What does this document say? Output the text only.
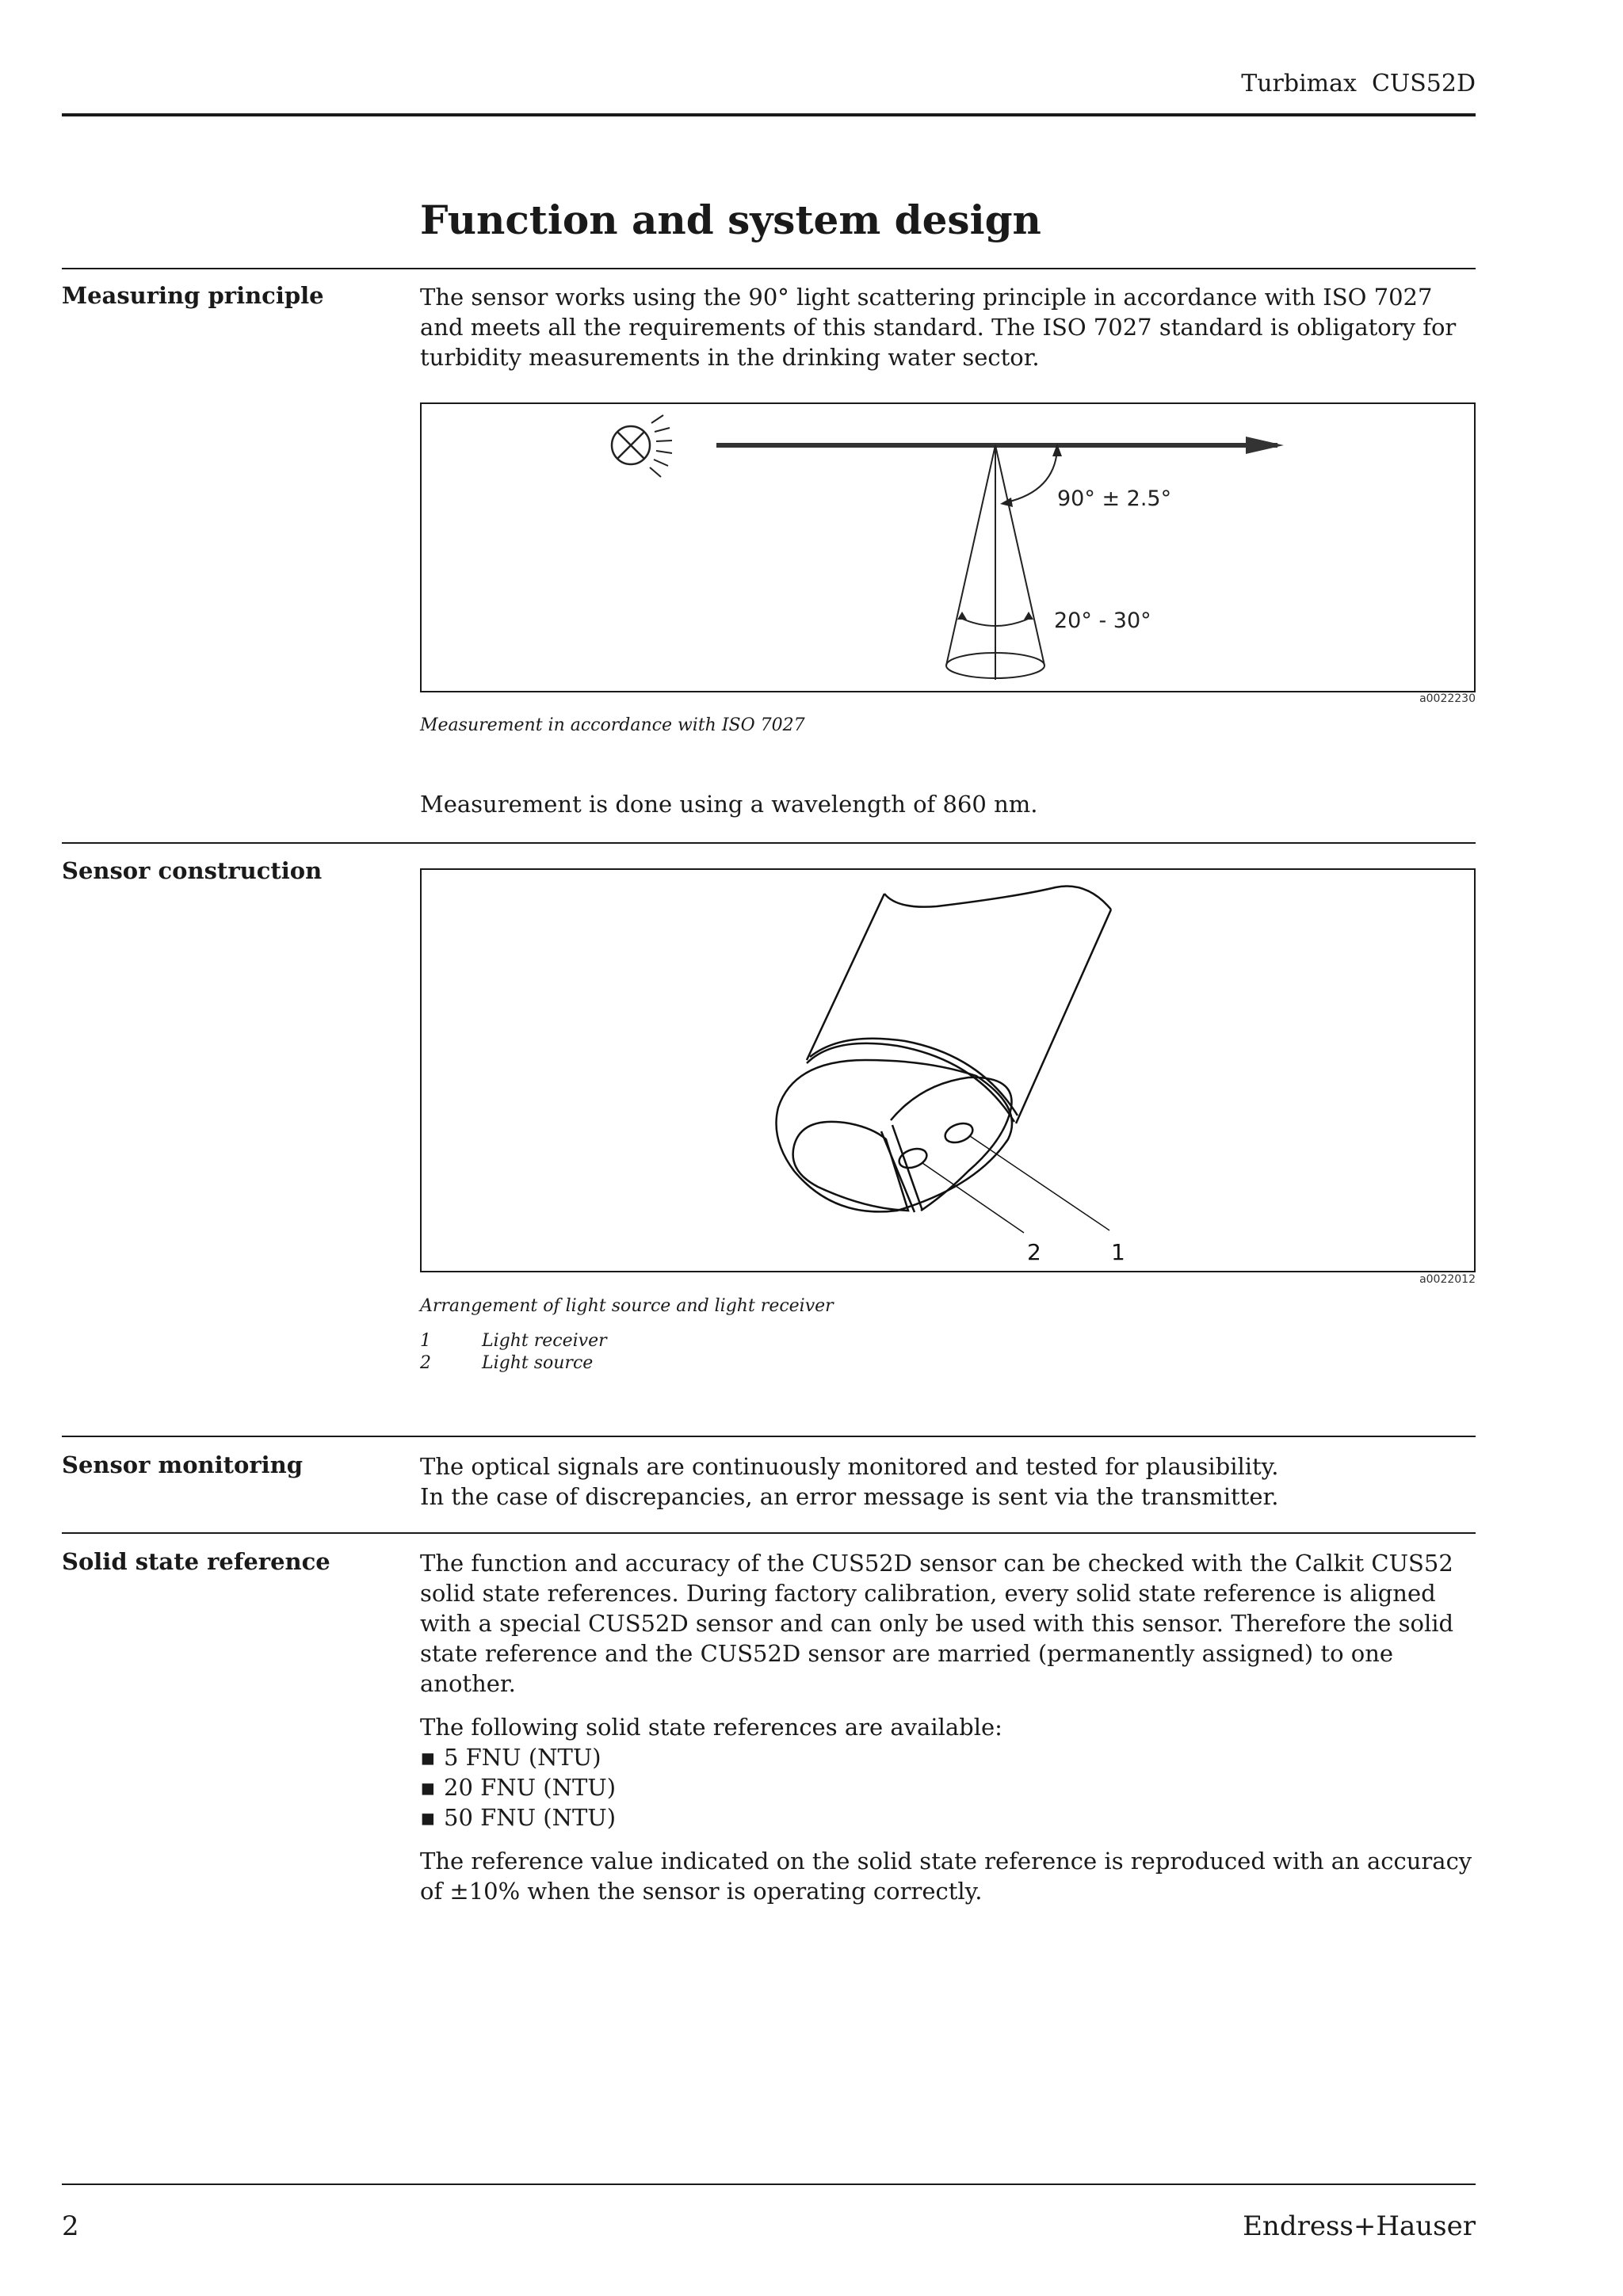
Turbimax  CUS52D
Function and system design
Measuring principle	The sensor works using the 90° light scattering principle in accordance with ISO 7027 and meets all the requirements of this standard. The ISO 7027 standard is obligatory for turbidity measurements in the drinking water sector.
90° ± 2.5°
20° - 30°
a0022230
Measurement in accordance with ISO 7027
Measurement is done using a wavelength of 860 nm.
Sensor construction
2	1
a0022012
Arrangement of light source and light receiver
1	Light receiver
2	Light source
Sensor monitoring	The optical signals are continuously monitored and tested for plausibility.

In the case of discrepancies, an error message is sent via the transmitter.

Solid state reference	The function and accuracy of the CUS52D sensor can be checked with the Calkit CUS52 solid state references. During factory calibration, every solid state reference is aligned with a special CUS52D sensor and can only be used with this sensor. Therefore the solid state reference and the CUS52D sensor are married (permanently assigned) to one another.

The following solid state references are available:

▪ 5 FNU (NTU)
▪ 20 FNU (NTU)
▪ 50 FNU (NTU)

The reference value indicated on the solid state reference is reproduced with an accuracy of ±10% when the sensor is operating correctly.

2	Endress+Hauser
